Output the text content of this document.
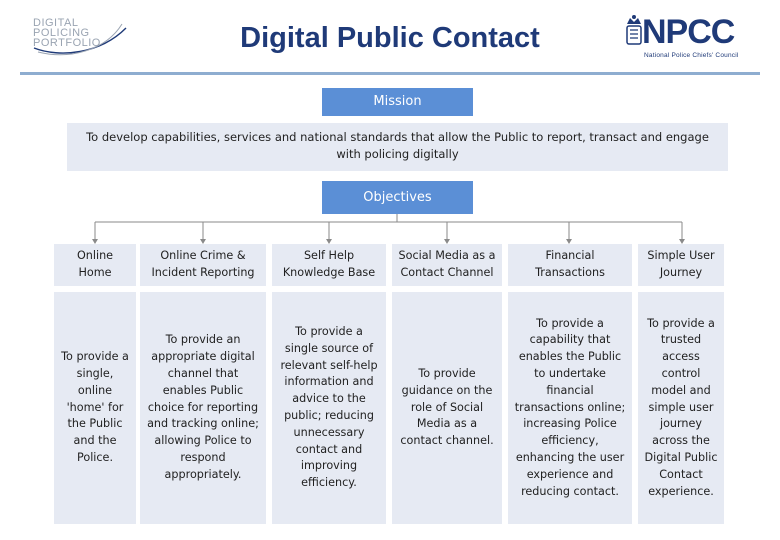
DIGITAL
POLICING
PORTFOLIO	Digital Public Contact	NPCC
National Police Chiefs' Council
Mission
To develop capabilities, services and national standards that allow the Public to report, transact and engage with policing digitally
Objectives
Online Home
To provide a single, online 'home' for the Public and the Police.
Online Crime & Incident Reporting
To provide an appropriate digital channel that enables Public choice for reporting and tracking online; allowing Police to respond appropriately.
Self Help Knowledge Base
To provide a single source of relevant self-help information and advice to the public; reducing unnecessary contact and improving efficiency.
Social Media as a Contact Channel
To provide guidance on the role of Social Media as a contact channel.
Financial Transactions
To provide a capability that enables the Public to undertake financial transactions online; increasing Police efficiency, enhancing the user experience and reducing contact.
Simple User Journey
To provide a trusted access control model and simple user journey across the Digital Public Contact experience.
